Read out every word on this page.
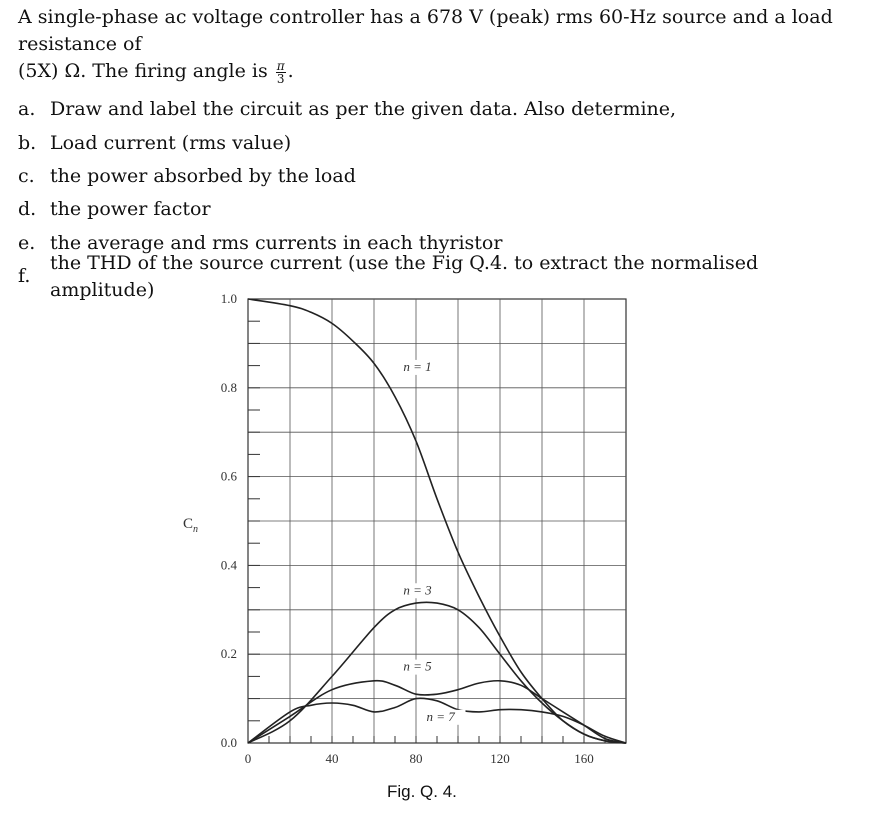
A single-phase ac voltage controller has a 678 V (peak) rms 60-Hz source and a load resistance of
(5X) Ω. The firing angle is $\frac{\pi}{3}$ .

a. Draw and label the circuit as per the given data. Also determine,
b. Load current (rms value)
c. the power absorbed by the load
d. the power factor
e. the average and rms currents in each thyristor
f.
the THD of the source current (use the Fig Q.4. to extract the normalised amplitude)
0.0
0.2
0.4
0.6
0.8
1.0
0	40	80	120	160
n = 1
n = 3
n = 5
n = 7
$C_n$
Fig. Q. 4.
